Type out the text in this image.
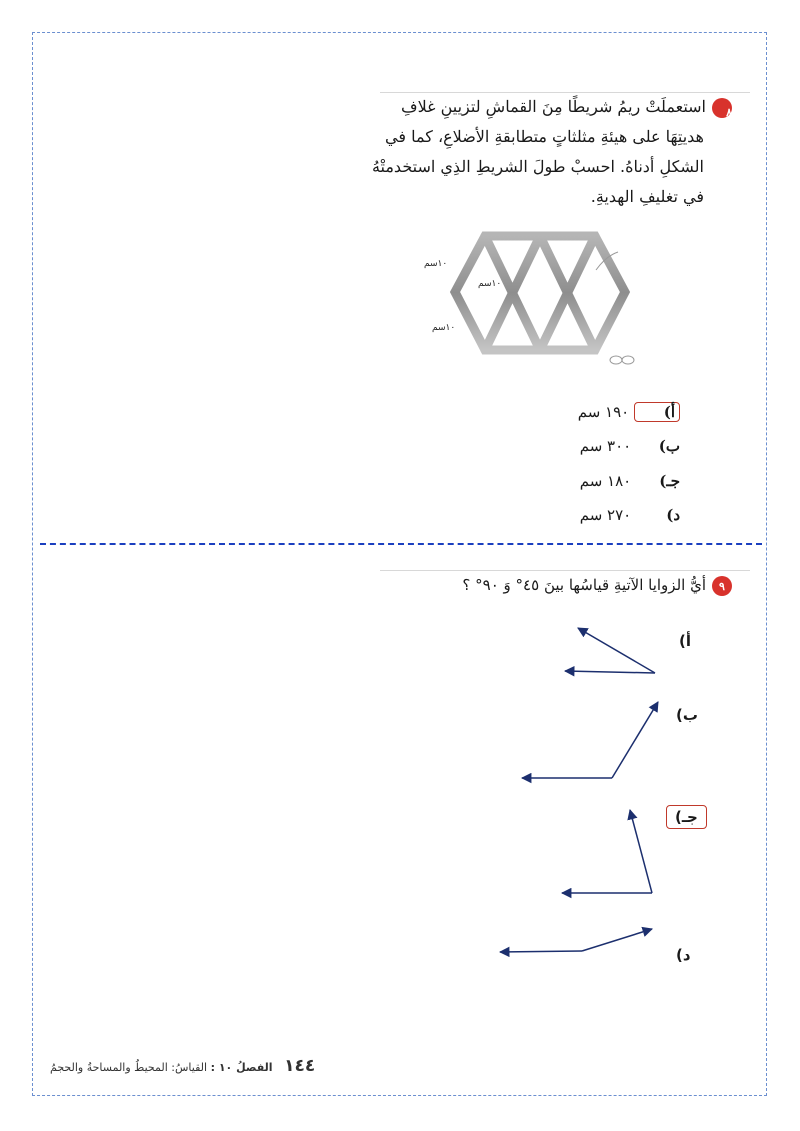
٨استعملَتْ ريمُ شريطًا مِنَ القماشِ لتزيينِ غلافِ
هديتِهَا على هيئةِ مثلثاتٍ متطابقةِ الأضلاعِ، كما في
الشكلِ أدناهُ. احسبْ طولَ الشريطِ الذِي استخدمتْهُ
في تغليفِ الهديةِ.
١٠سم
١٠سم
١٠سم
أ) ١٩٠ سم
ب) ٣٠٠ سم
جـ) ١٨٠ سم
د) ٢٧٠ سم
٩أيُّ الزوايا الآتيةِ قياسُها بينَ ٤٥° وَ ٩٠° ؟
أ)
ب)
جـ)
د)
١٤٤ الفصلُ ١٠ : القياسُ: المحيطُ والمساحةُ والحجمُ
